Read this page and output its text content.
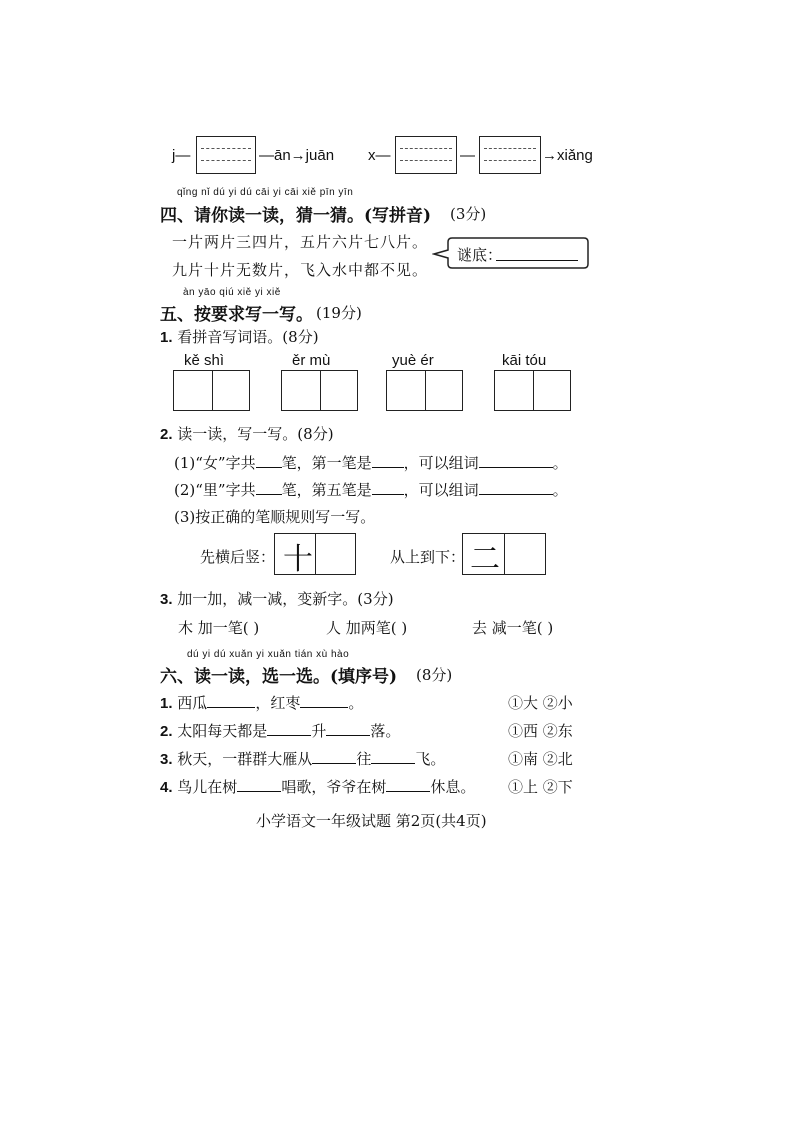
j—	—ān→juān x—	—	→xiǎng
qǐng nǐ dú yi dú cāi yi cāi xiě pīn yīn
四、请你读一读，猜一猜。(写拼音) (3分)
一片两片三四片，五片六片七八片。
九片十片无数片，飞入水中都不见。
谜底：
àn yāo qiú xiě yi xiě
五、按要求写一写。 (19分)
1. 看拼音写词语。(8分)
kě shì	ěr mù	yuè ér	kāi tóu
2. 读一读，写一写。(8分)
(1)“女”字共 笔，第一笔是 ，可以组词	。
(2)“里”字共 笔，第五笔是 ，可以组词	。
(3)按正确的笔顺规则写一写。
先横后竖： 十	从上到下： 二
3. 加一加，减一减，变新字。(3分)
木 加一笔( )	人 加两笔( )	去 减一笔( )
dú yi dú xuǎn yi xuǎn tián xù hào
六、读一读，选一选。(填序号) (8分)
1. 西瓜	，红枣	。	①大 ②小
2. 太阳每天都是	升	落。	①西 ②东
3. 秋天，一群群大雁从	往	飞。	①南 ②北
4. 鸟儿在树	唱歌，爷爷在树	休息。 ①上 ②下
小学语文一年级试题 第2页(共4页)
